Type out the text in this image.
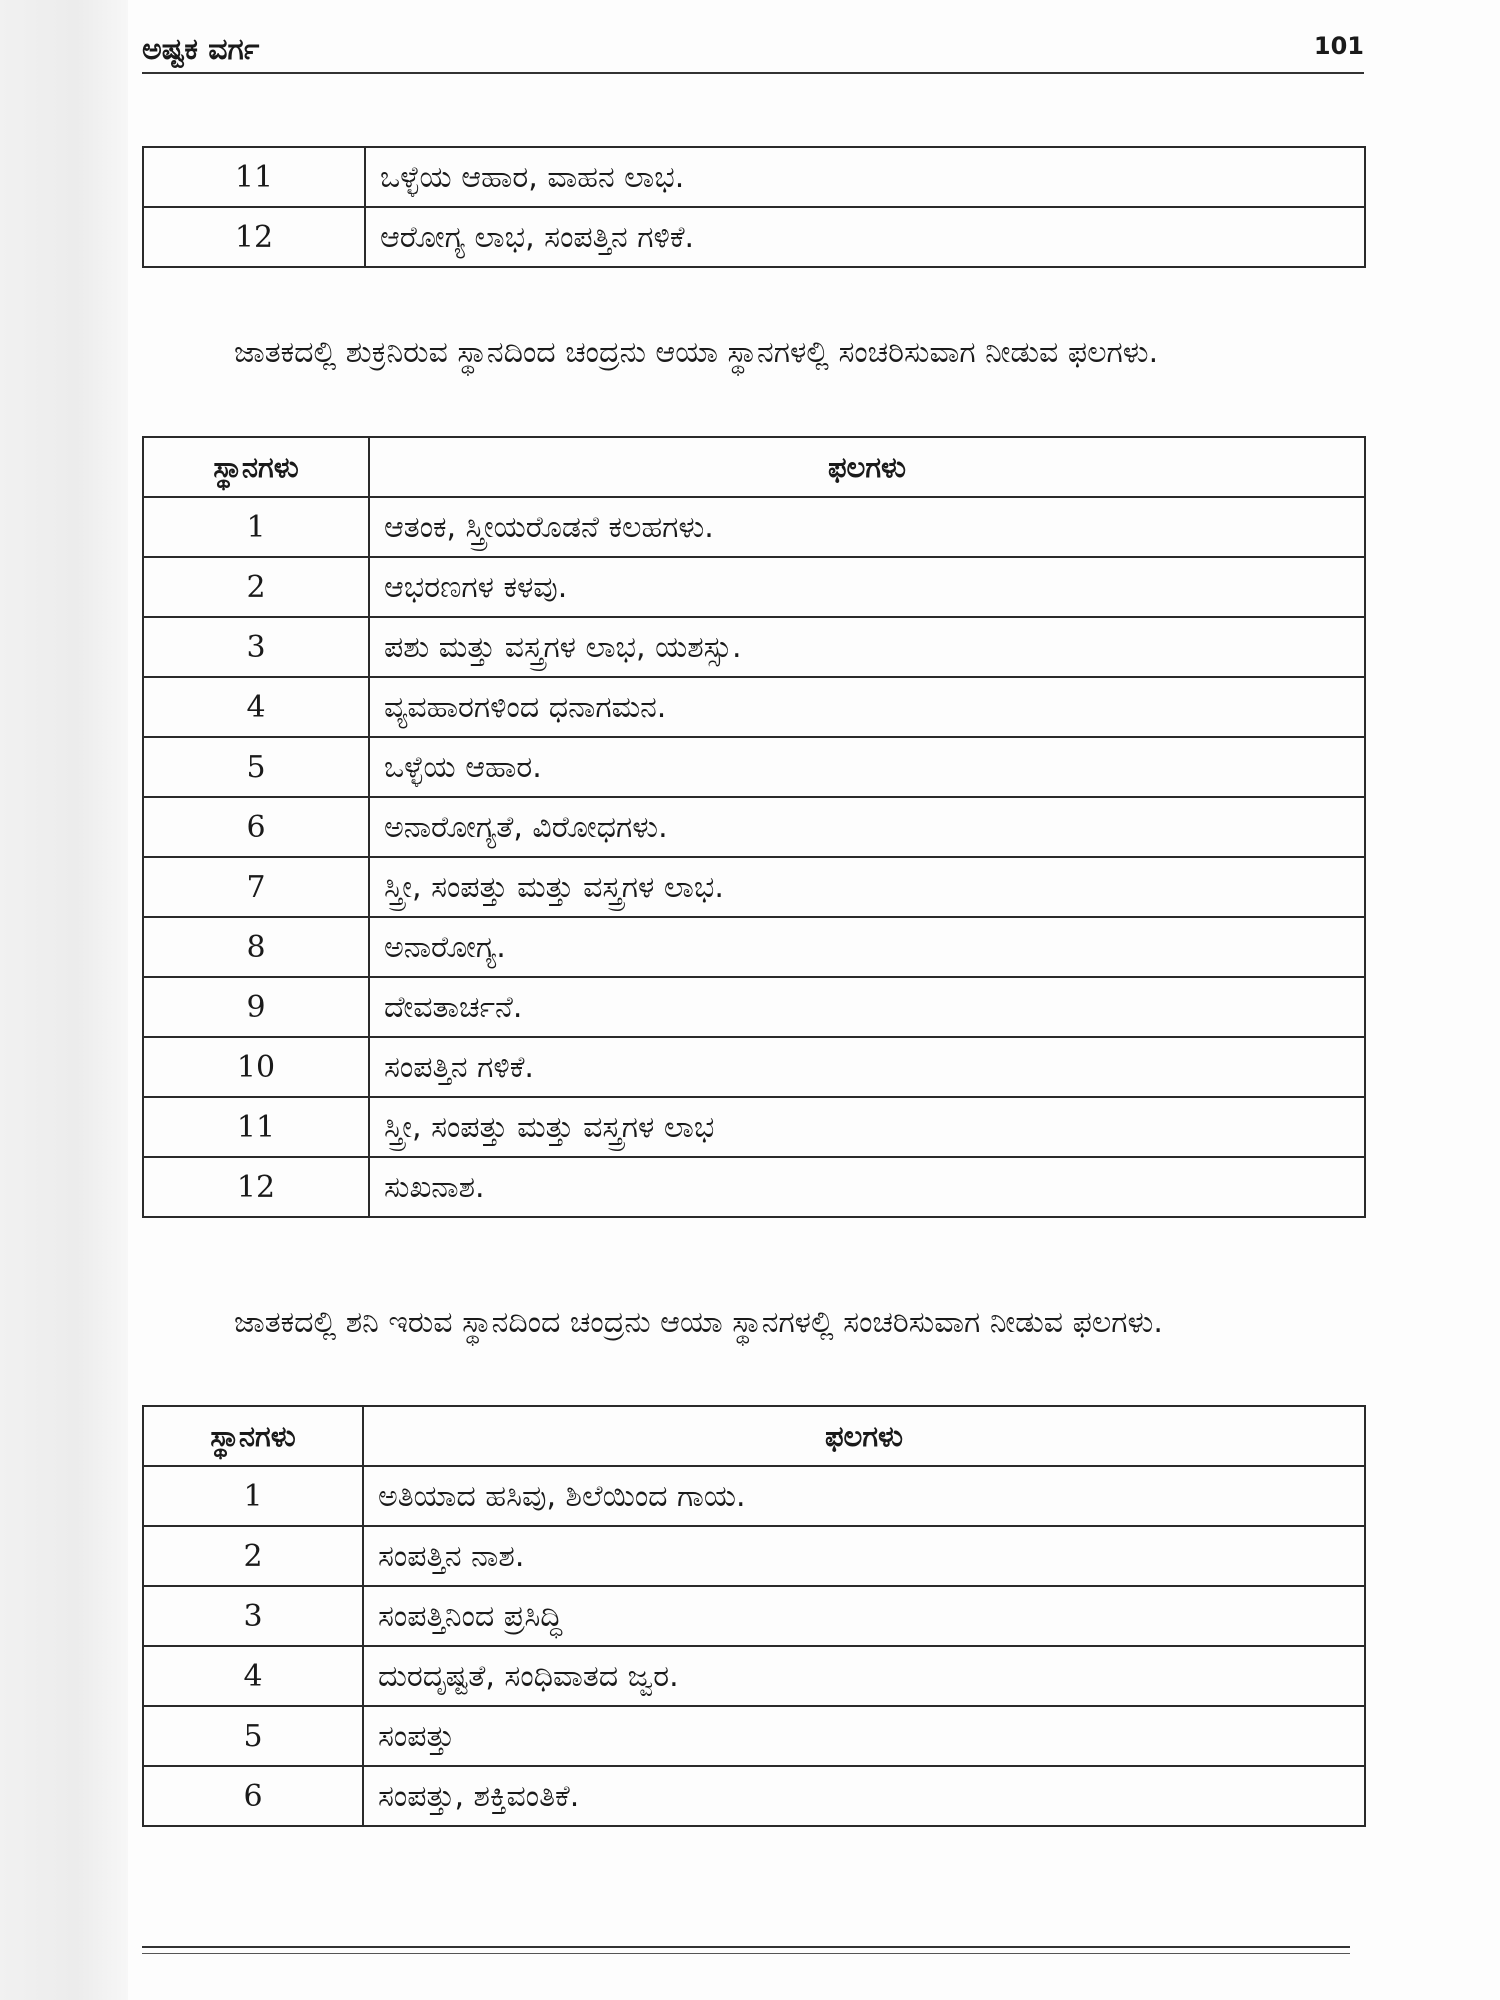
ಅಷ್ಟಕ ವರ್ಗ	101
11	ಒಳ್ಳೆಯ ಆಹಾರ, ವಾಹನ ಲಾಭ.
12	ಆರೋಗ್ಯ ಲಾಭ, ಸಂಪತ್ತಿನ ಗಳಿಕೆ.

ಜಾತಕದಲ್ಲಿ ಶುಕ್ರನಿರುವ ಸ್ಥಾನದಿಂದ ಚಂದ್ರನು ಆಯಾ ಸ್ಥಾನಗಳಲ್ಲಿ ಸಂಚರಿಸುವಾಗ ನೀಡುವ ಫಲಗಳು.

ಸ್ಥಾನಗಳು	ಫಲಗಳು
1	ಆತಂಕ, ಸ್ತ್ರೀಯರೊಡನೆ ಕಲಹಗಳು.
2	ಆಭರಣಗಳ ಕಳವು.
3	ಪಶು ಮತ್ತು ವಸ್ತ್ರಗಳ ಲಾಭ, ಯಶಸ್ಸು.
4	ವ್ಯವಹಾರಗಳಿಂದ ಧನಾಗಮನ.
5	ಒಳ್ಳೆಯ ಆಹಾರ.
6	ಅನಾರೋಗ್ಯತೆ, ವಿರೋಧಗಳು.
7	ಸ್ತ್ರೀ, ಸಂಪತ್ತು ಮತ್ತು ವಸ್ತ್ರಗಳ ಲಾಭ.
8	ಅನಾರೋಗ್ಯ.
9	ದೇವತಾರ್ಚನೆ.
10	ಸಂಪತ್ತಿನ ಗಳಿಕೆ.
11	ಸ್ತ್ರೀ, ಸಂಪತ್ತು ಮತ್ತು ವಸ್ತ್ರಗಳ ಲಾಭ
12	ಸುಖನಾಶ.

ಜಾತಕದಲ್ಲಿ ಶನಿ ಇರುವ ಸ್ಥಾನದಿಂದ ಚಂದ್ರನು ಆಯಾ ಸ್ಥಾನಗಳಲ್ಲಿ ಸಂಚರಿಸುವಾಗ ನೀಡುವ ಫಲಗಳು.

ಸ್ಥಾನಗಳು	ಫಲಗಳು
1	ಅತಿಯಾದ ಹಸಿವು, ಶಿಲೆಯಿಂದ ಗಾಯ.
2	ಸಂಪತ್ತಿನ ನಾಶ.
3	ಸಂಪತ್ತಿನಿಂದ ಪ್ರಸಿದ್ಧಿ
4	ದುರದೃಷ್ಟತೆ, ಸಂಧಿವಾತದ ಜ್ವರ.
5	ಸಂಪತ್ತು
6	ಸಂಪತ್ತು, ಶಕ್ತಿವಂತಿಕೆ.
